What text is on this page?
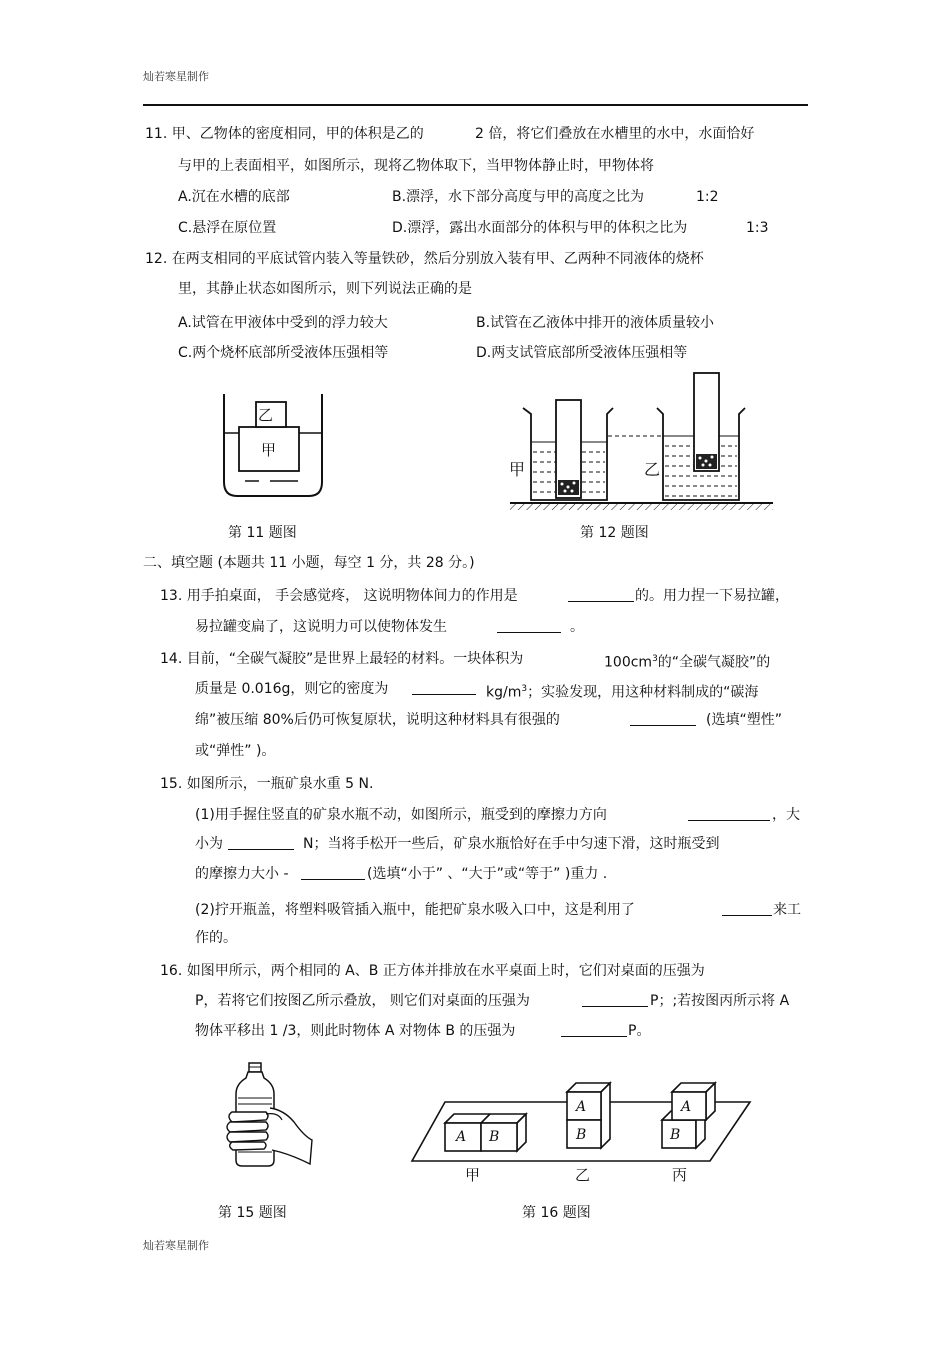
灿若寒星制作
11. 甲、乙物体的密度相同，甲的体积是乙的	2 倍，将它们叠放在水槽里的水中，水面恰好
与甲的上表面相平，如图所示，现将乙物体取下，当甲物体静止时，甲物体将
A.沉在水槽的底部	B.漂浮，水下部分高度与甲的高度之比为	1:2
C.悬浮在原位置	D.漂浮，露出水面部分的体积与甲的体积之比为	1:3
12. 在两支相同的平底试管内装入等量铁砂，然后分别放入装有甲、乙两种不同液体的烧杯
里，其静止状态如图所示，则下列说法正确的是
A.试管在甲液体中受到的浮力较大	B.试管在乙液体中排开的液体质量较小
C.两个烧杯底部所受液体压强相等	D.两支试管底部所受液体压强相等
乙
甲
第 11 题图
甲	乙
第 12 题图
二、填空题 (本题共 11 小题，每空 1 分，共 28 分。)
13. 用手拍桌面， 手会感觉疼， 这说明物体间力的作用是	的。用力捏一下易拉罐，
易拉罐变扁了，这说明力可以使物体发生	。
14. 目前，“全碳气凝胶”是世界上最轻的材料。一块体积为	$100cm^3$的“全碳气凝胶”的
质量是 0.016g，则它的密度为	$kg/m^3$；实验发现，用这种材料制成的“碳海
绵”被压缩 80%后仍可恢复原状，说明这种材料具有很强的	(选填“塑性”
或“弹性” )。
15. 如图所示，一瓶矿泉水重 5 N.
(1)用手握住竖直的矿泉水瓶不动，如图所示，瓶受到的摩擦力方向	，大
小为	N；当将手松开一些后，矿泉水瓶恰好在手中匀速下滑，这时瓶受到
的摩擦力大小 -	(选填“小于” 、“大于”或“等于” )重力 .
(2)拧开瓶盖，将塑料吸管插入瓶中，能把矿泉水吸入口中，这是利用了	来工
作的。
16. 如图甲所示，两个相同的 A、B 正方体并排放在水平桌面上时，它们对桌面的压强为
P，若将它们按图乙所示叠放， 则它们对桌面的压强为	P；;若按图丙所示将 A
物体平移出 1 /3，则此时物体 A 对物体 B 的压强为	P。
第 15 题图
A B
A
B
A
B
甲	乙	丙
第 16 题图
灿若寒星制作
